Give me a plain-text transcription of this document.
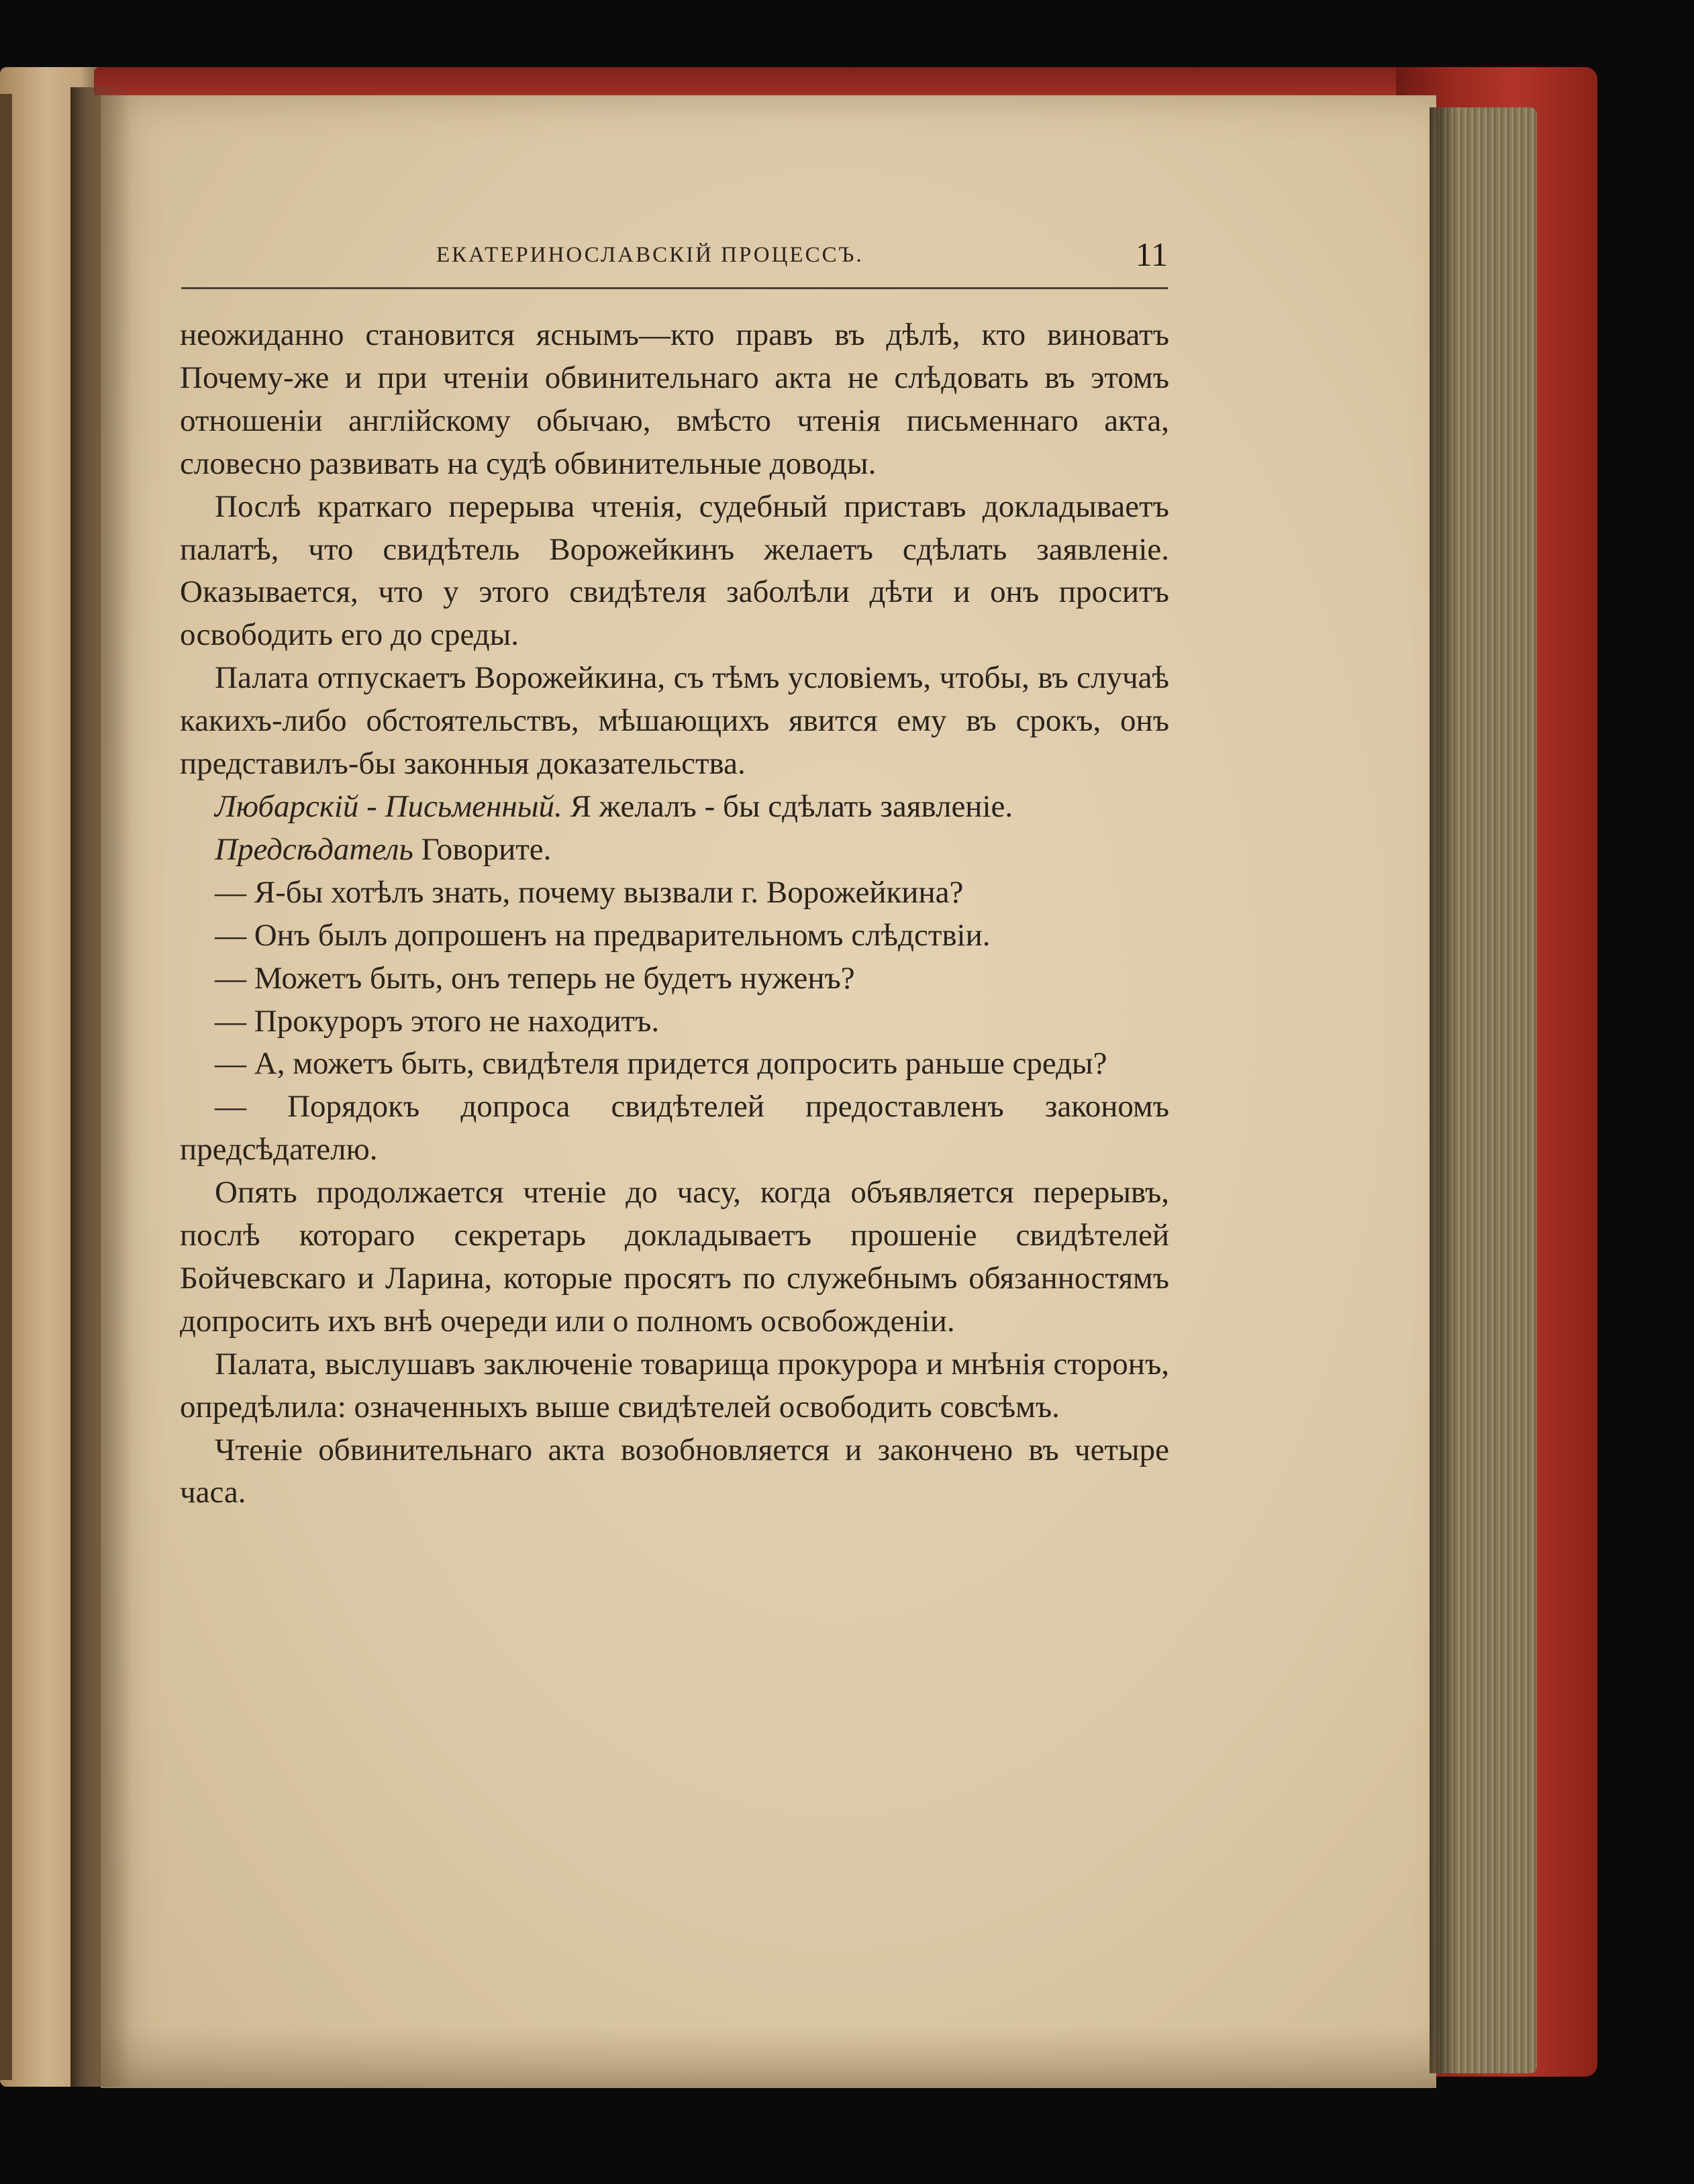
ЕКАТЕРИНОСЛАВСКІЙ ПРОЦЕССЪ.	11

неожиданно становится яснымъ—кто правъ въ дѣлѣ, кто виноватъ Почему-же и при чтеніи обвинительнаго акта не слѣдовать въ этомъ отношеніи англійскому обычаю, вмѣсто чтенія письменнаго акта, словесно развивать на судѣ обвинительные доводы.

Послѣ краткаго перерыва чтенія, судебный приставъ докладываетъ палатѣ, что свидѣтель Ворожейкинъ желаетъ сдѣлать заявленіе. Оказывается, что у этого свидѣтеля заболѣли дѣти и онъ проситъ освободить его до среды.

Палата отпускаетъ Ворожейкина, съ тѣмъ условіемъ, чтобы, въ случаѣ какихъ-либо обстоятельствъ, мѣшающихъ явится ему въ срокъ, онъ представилъ-бы законныя доказательства.

Любарскій - Письменный. Я желалъ - бы сдѣлать заявленіе.

Предсѣдатель Говорите.

— Я-бы хотѣлъ знать, почему вызвали г. Ворожейкина?

— Онъ былъ допрошенъ на предварительномъ слѣдствіи.

— Можетъ быть, онъ теперь не будетъ нуженъ?

— Прокуроръ этого не находитъ.

— А, можетъ быть, свидѣтеля придется допросить раньше среды?

— Порядокъ допроса свидѣтелей предоставленъ закономъ предсѣдателю.

Опять продолжается чтеніе до часу, когда объявляется перерывъ, послѣ котораго секретарь докладываетъ прошеніе свидѣтелей Бойчевскаго и Ларина, которые просятъ по служебнымъ обязанностямъ допросить ихъ внѣ очереди или о полномъ освобожденіи.

Палата, выслушавъ заключеніе товарища прокурора и мнѣнія сторонъ, опредѣлила: означенныхъ выше свидѣтелей освободить совсѣмъ.

Чтеніе обвинительнаго акта возобновляется и закончено въ четыре часа.
